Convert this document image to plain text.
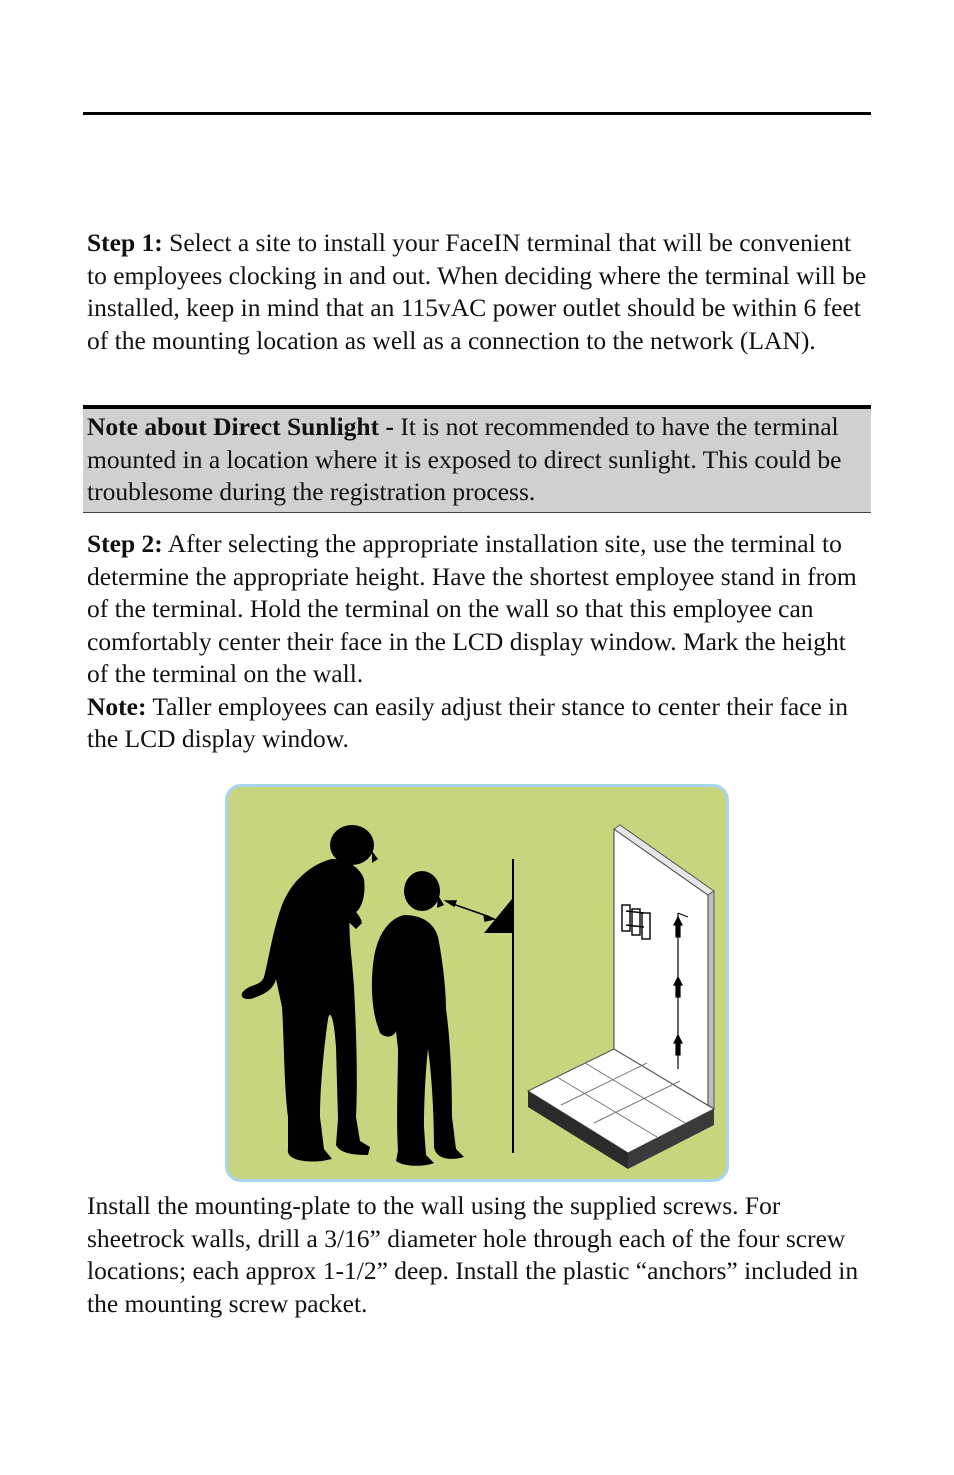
Step 1: Select a site to install your FaceIN terminal that will be convenient to employees clocking in and out. When deciding where the terminal will be installed, keep in mind that an 115vAC power outlet should be within 6 feet of the mounting location as well as a connection to the network (LAN).

Note about Direct Sunlight - It is not recommended to have the terminal mounted in a location where it is exposed to direct sunlight. This could be troublesome during the registration process.

Step 2: After selecting the appropriate installation site, use the terminal to determine the appropriate height. Have the shortest employee stand in from of the terminal. Hold the terminal on the wall so that this employee can comfortably center their face in the LCD display window. Mark the height of the terminal on the wall.
Note: Taller employees can easily adjust their stance to center their face in the LCD display window.

Install the mounting-plate to the wall using the supplied screws. For sheetrock walls, drill a 3/16” diameter hole through each of the four screw locations; each approx 1-1/2” deep. Install the plastic “anchors” included in the mounting screw packet.
